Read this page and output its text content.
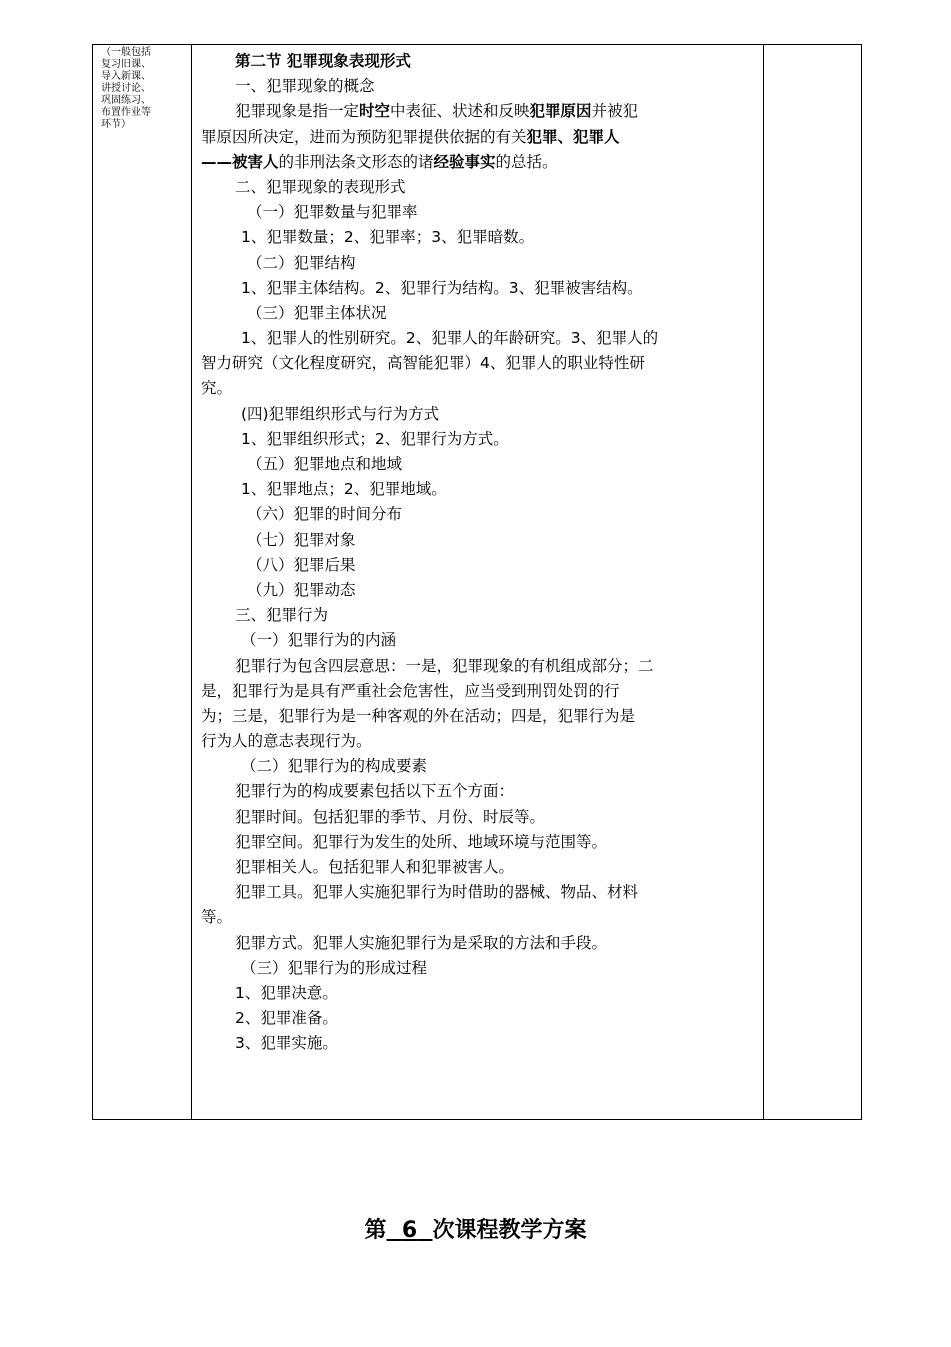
（一般包括
复习旧课、
导入新课、
讲授讨论、
巩固练习、
布置作业等
环节）
第二节 犯罪现象表现形式
一、犯罪现象的概念
犯罪现象是指一定时空中表征、状述和反映犯罪原因并被犯
罪原因所决定，进而为预防犯罪提供依据的有关犯罪、犯罪人
——被害人的非刑法条文形态的诸经验事实的总括。
二、犯罪现象的表现形式
（一）犯罪数量与犯罪率
1、犯罪数量；2、犯罪率；3、犯罪暗数。
（二）犯罪结构
1、犯罪主体结构。2、犯罪行为结构。3、犯罪被害结构。
（三）犯罪主体状况
1、犯罪人的性别研究。2、犯罪人的年龄研究。3、犯罪人的
智力研究（文化程度研究，高智能犯罪）4、犯罪人的职业特性研
究。
(四)犯罪组织形式与行为方式
1、犯罪组织形式；2、犯罪行为方式。
（五）犯罪地点和地域
1、犯罪地点；2、犯罪地域。
（六）犯罪的时间分布
（七）犯罪对象
（八）犯罪后果
（九）犯罪动态
三、犯罪行为
（一）犯罪行为的内涵
犯罪行为包含四层意思：一是，犯罪现象的有机组成部分；二
是，犯罪行为是具有严重社会危害性，应当受到刑罚处罚的行
为；三是，犯罪行为是一种客观的外在活动；四是，犯罪行为是
行为人的意志表现行为。
（二）犯罪行为的构成要素
犯罪行为的构成要素包括以下五个方面：
犯罪时间。包括犯罪的季节、月份、时辰等。
犯罪空间。犯罪行为发生的处所、地域环境与范围等。
犯罪相关人。包括犯罪人和犯罪被害人。
犯罪工具。犯罪人实施犯罪行为时借助的器械、物品、材料
等。
犯罪方式。犯罪人实施犯罪行为是采取的方法和手段。
（三）犯罪行为的形成过程
1、犯罪决意。
2、犯罪准备。
3、犯罪实施。
第 6 次课程教学方案
